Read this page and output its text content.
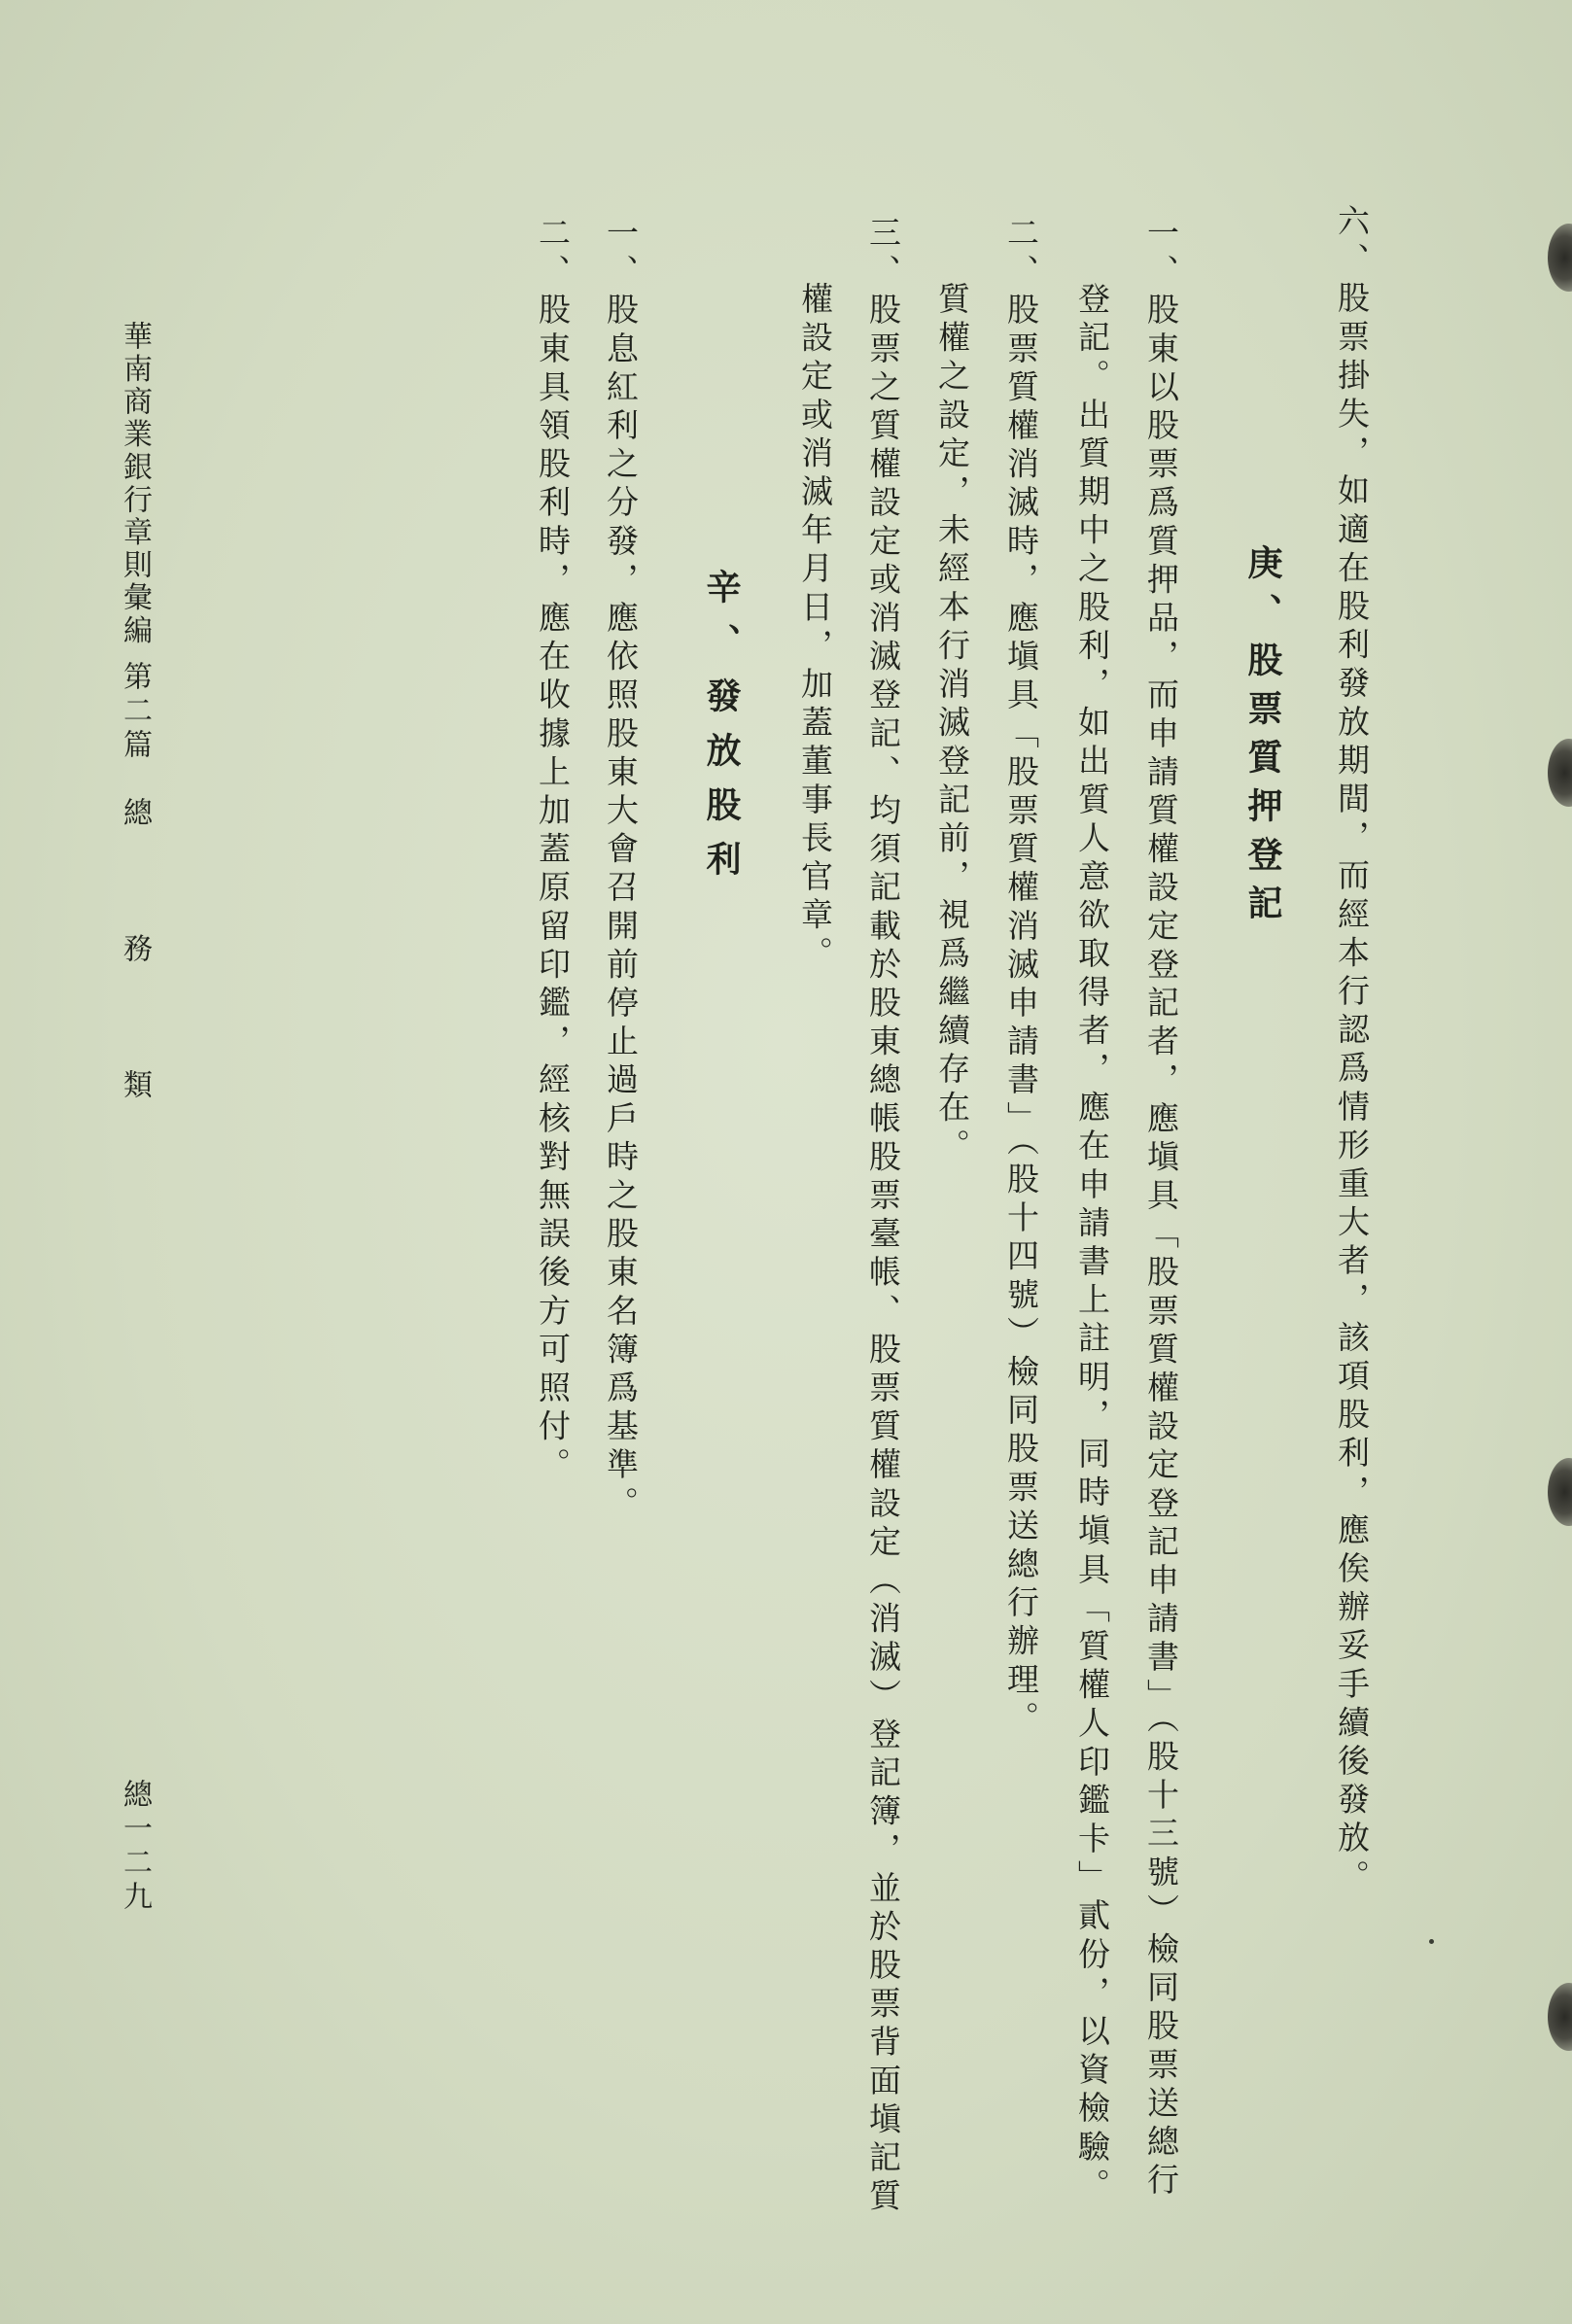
六、股票掛失，如適在股利發放期間，而經本行認爲情形重大者，該項股利，應俟辦妥手續後發放。
庚、股票質押登記
一、股東以股票爲質押品，而申請質權設定登記者，應塡具「股票質權設定登記申請書」（股十三號）檢同股票送總行
登記。出質期中之股利，如出質人意欲取得者，應在申請書上註明，同時塡具「質權人印鑑卡」貳份，以資檢驗。
二、股票質權消滅時，應塡具「股票質權消滅申請書」（股十四號）檢同股票送總行辦理。
質權之設定，未經本行消滅登記前，視爲繼續存在。
三、股票之質權設定或消滅登記、均須記載於股東總帳股票臺帳、股票質權設定（消滅）登記簿，並於股票背面塡記質
權設定或消滅年月日，加蓋董事長官章。
辛、發放股利
一、股息紅利之分發，應依照股東大會召開前停止過戶時之股東名簿爲基準。
二、股東具領股利時，應在收據上加蓋原留印鑑，經核對無誤後方可照付。
華南商業銀行章則彙編
第二篇
總　務　類
總一二九
